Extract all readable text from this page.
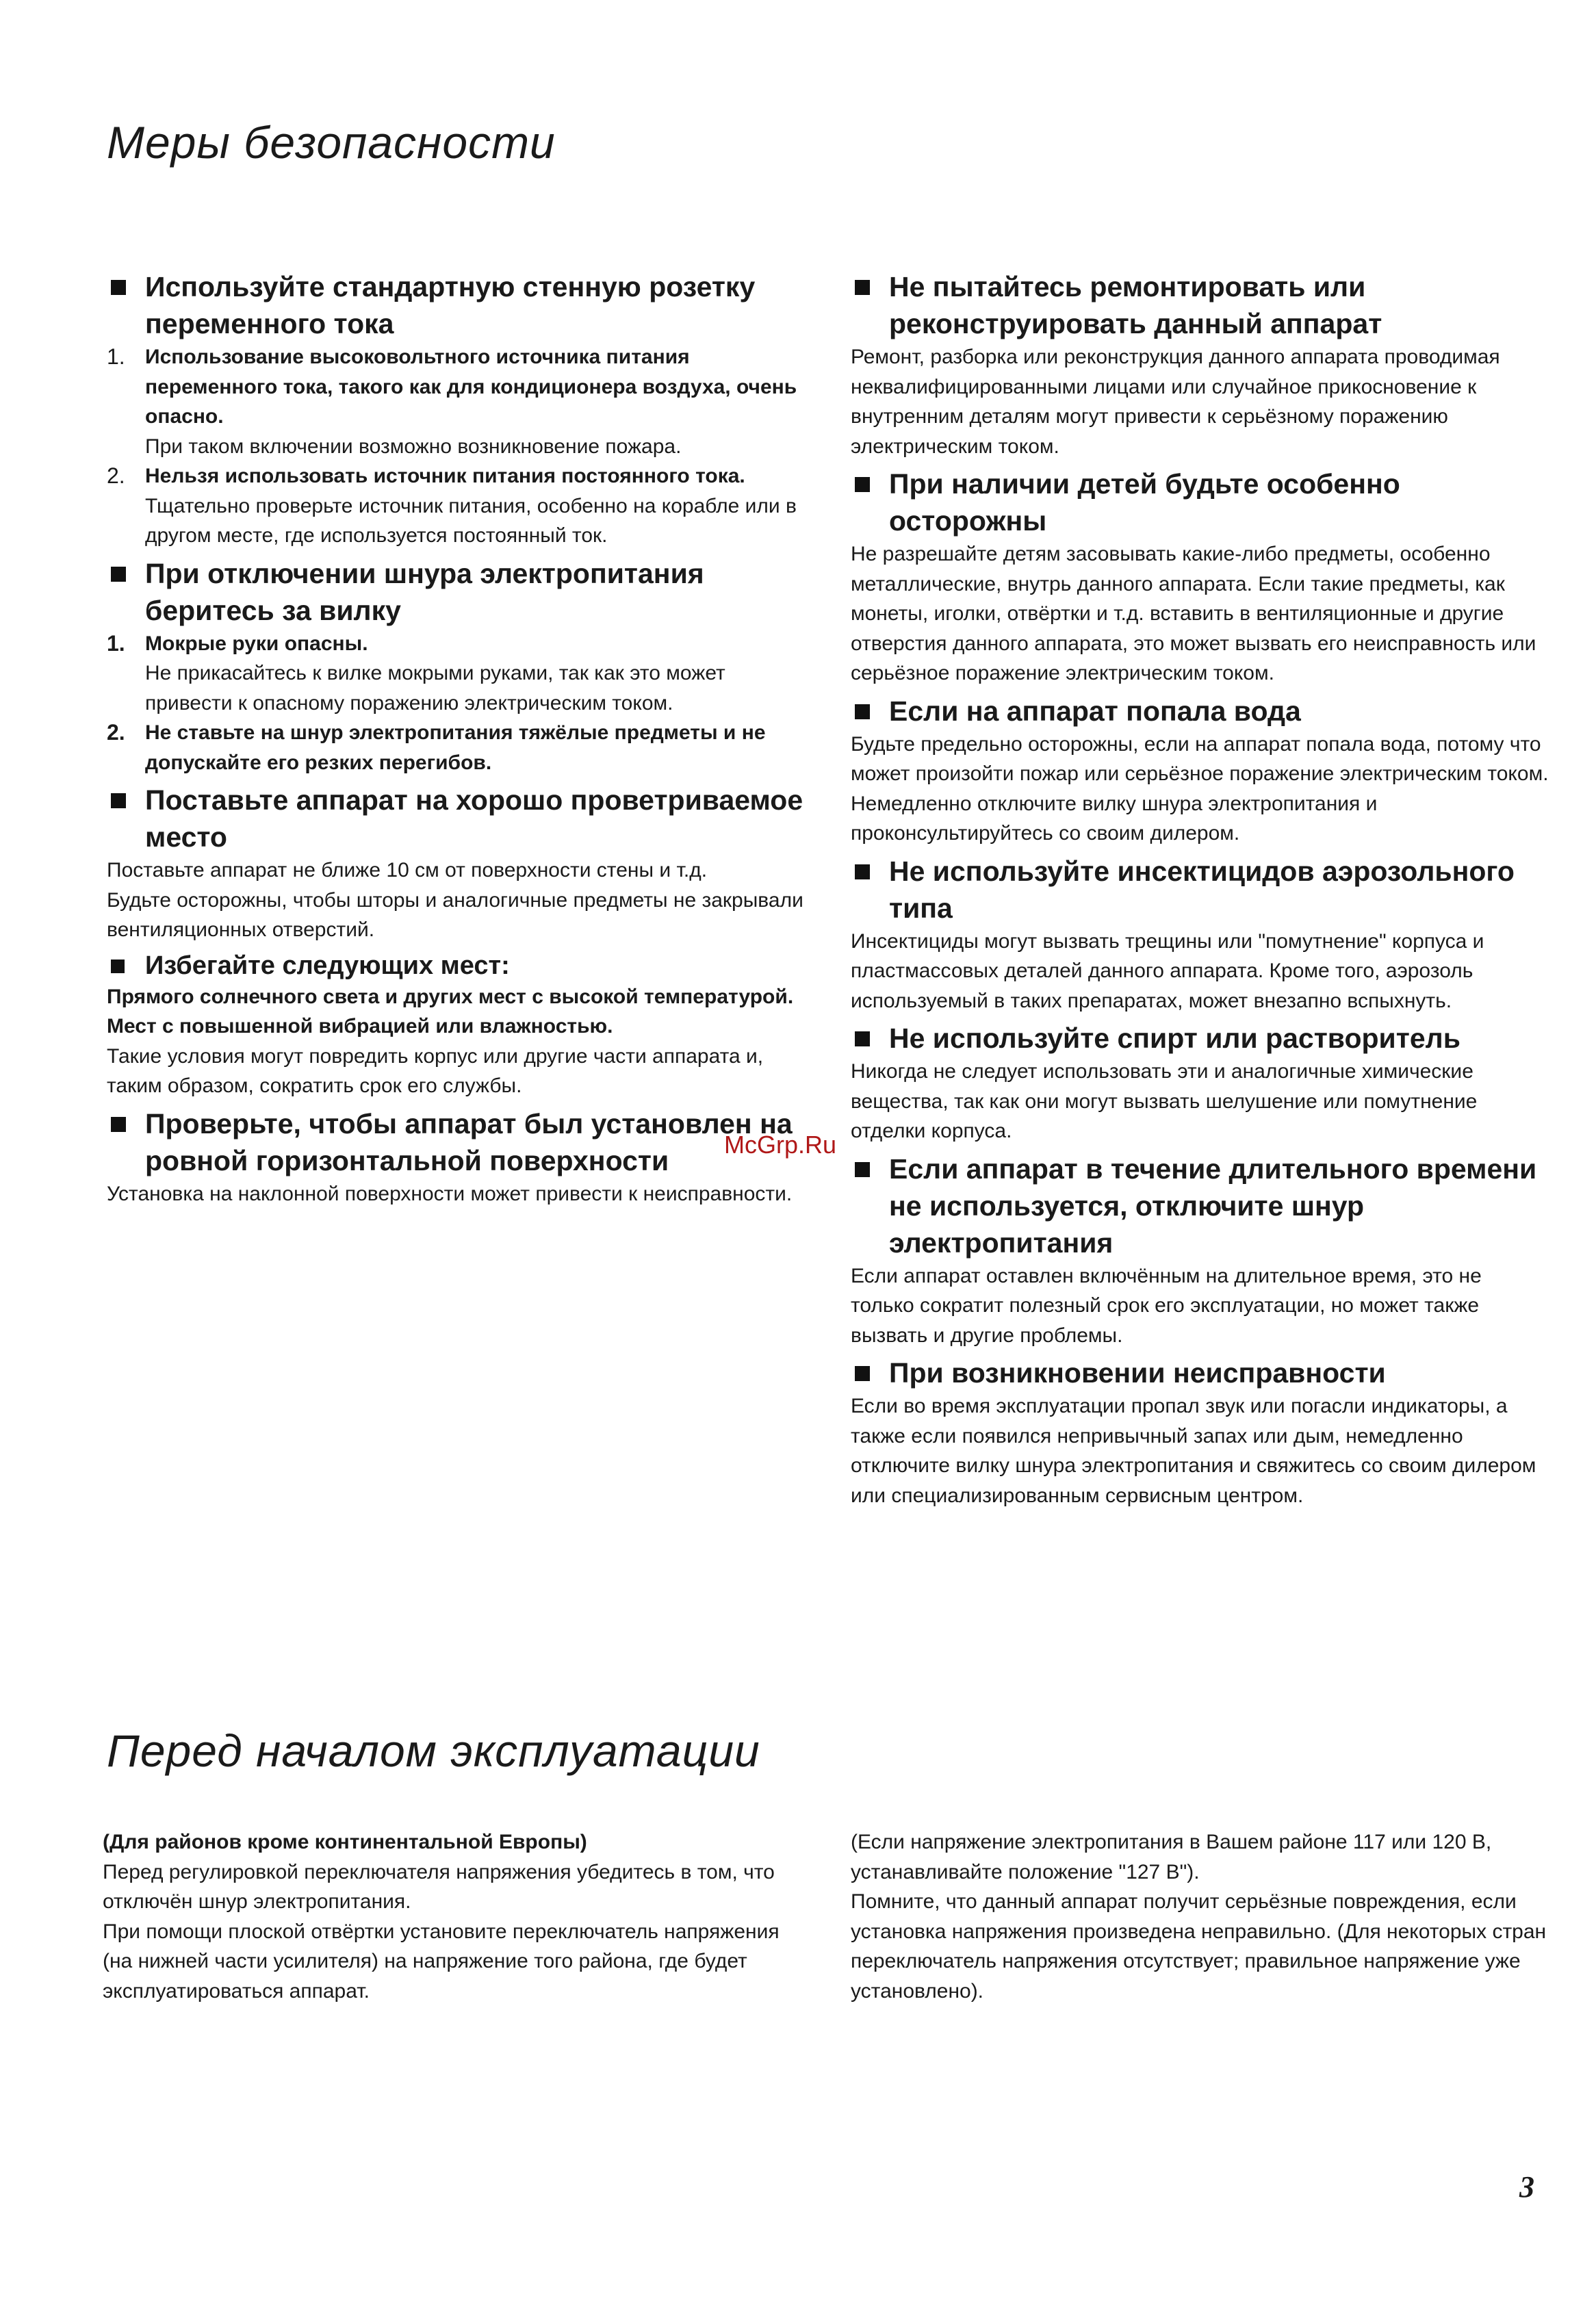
Меры безопасности
Используйте стандартную стенную розетку переменного тока
1. Использование высоковольтного источника питания переменного тока, такого как для кондиционера воздуха, очень опасно.

При таком включении возможно возникновение пожара.

2. Нельзя использовать источник питания постоянного тока.

Тщательно проверьте источник питания, особенно на корабле или в другом месте, где используется постоянный ток.

При отключении шнура электропитания беритесь за вилку
1. Мокрые руки опасны.

Не прикасайтесь к вилке мокрыми руками, так как это может привести к опасному поражению электрическим током.

2. Не ставьте на шнур электропитания тяжёлые предметы и не допускайте его резких перегибов.

Поставьте аппарат на хорошо проветриваемое место

Поставьте аппарат не ближе 10 см от поверхности стены и т.д.

Будьте осторожны, чтобы шторы и аналогичные предметы не закрывали вентиляционных отверстий.

Избегайте следующих мест:

Прямого солнечного света и других мест с высокой температурой.

Мест с повышенной вибрацией или влажностью.

Такие условия могут повредить корпус или другие части аппарата и, таким образом, сократить срок его службы.

Проверьте, чтобы аппарат был установлен на ровной горизонтальной поверхности

Установка на наклонной поверхности может привести к неисправности.

Не пытайтесь ремонтировать или реконструировать данный аппарат

Ремонт, разборка или реконструкция данного аппарата проводимая неквалифицированными лицами или случайное прикосновение к внутренним деталям могут привести к серьёзному поражению электрическим током.

При наличии детей будьте особенно осторожны

Не разрешайте детям засовывать какие-либо предметы, особенно металлические, внутрь данного аппарата. Если такие предметы, как монеты, иголки, отвёртки и т.д. вставить в вентиляционные и другие отверстия данного аппарата, это может вызвать его неисправность или серьёзное поражение электрическим током.

Если на аппарат попала вода

Будьте предельно осторожны, если на аппарат попала вода, потому что может произойти пожар или серьёзное поражение электрическим током. Немедленно отключите вилку шнура электропитания и проконсультируйтесь со своим дилером.

Не используйте инсектицидов аэрозольного типа

Инсектициды могут вызвать трещины или "помутнение" корпуса и пластмассовых деталей данного аппарата. Кроме того, аэрозоль используемый в таких препаратах, может внезапно вспыхнуть.

Не используйте спирт или растворитель

Никогда не следует использовать эти и аналогичные химические вещества, так как они могут вызвать шелушение или помутнение отделки корпуса.

Если аппарат в течение длительного времени не используется, отключите шнур электропитания

Если аппарат оставлен включённым на длительное время, это не только сократит полезный срок его эксплуатации, но может также вызвать и другие проблемы.

При возникновении неисправности

Если во время эксплуатации пропал звук или погасли индикаторы, а также если появился непривычный запах или дым, немедленно отключите вилку шнура электропитания и свяжитесь со своим дилером или специализированным сервисным центром.

McGrp.Ru
Перед началом эксплуатации

(Для районов кроме континентальной Европы)

Перед регулировкой переключателя напряжения убедитесь в том, что отключён шнур электропитания.

При помощи плоской отвёртки установите переключатель напряжения (на нижней части усилителя) на напряжение того района, где будет эксплуатироваться аппарат.

(Если напряжение электропитания в Вашем районе 117 или 120 В, устанавливайте положение "127 В").

Помните, что данный аппарат получит серьёзные повреждения, если установка напряжения произведена неправильно. (Для некоторых стран переключатель напряжения отсутствует; правильное напряжение уже установлено).

3
